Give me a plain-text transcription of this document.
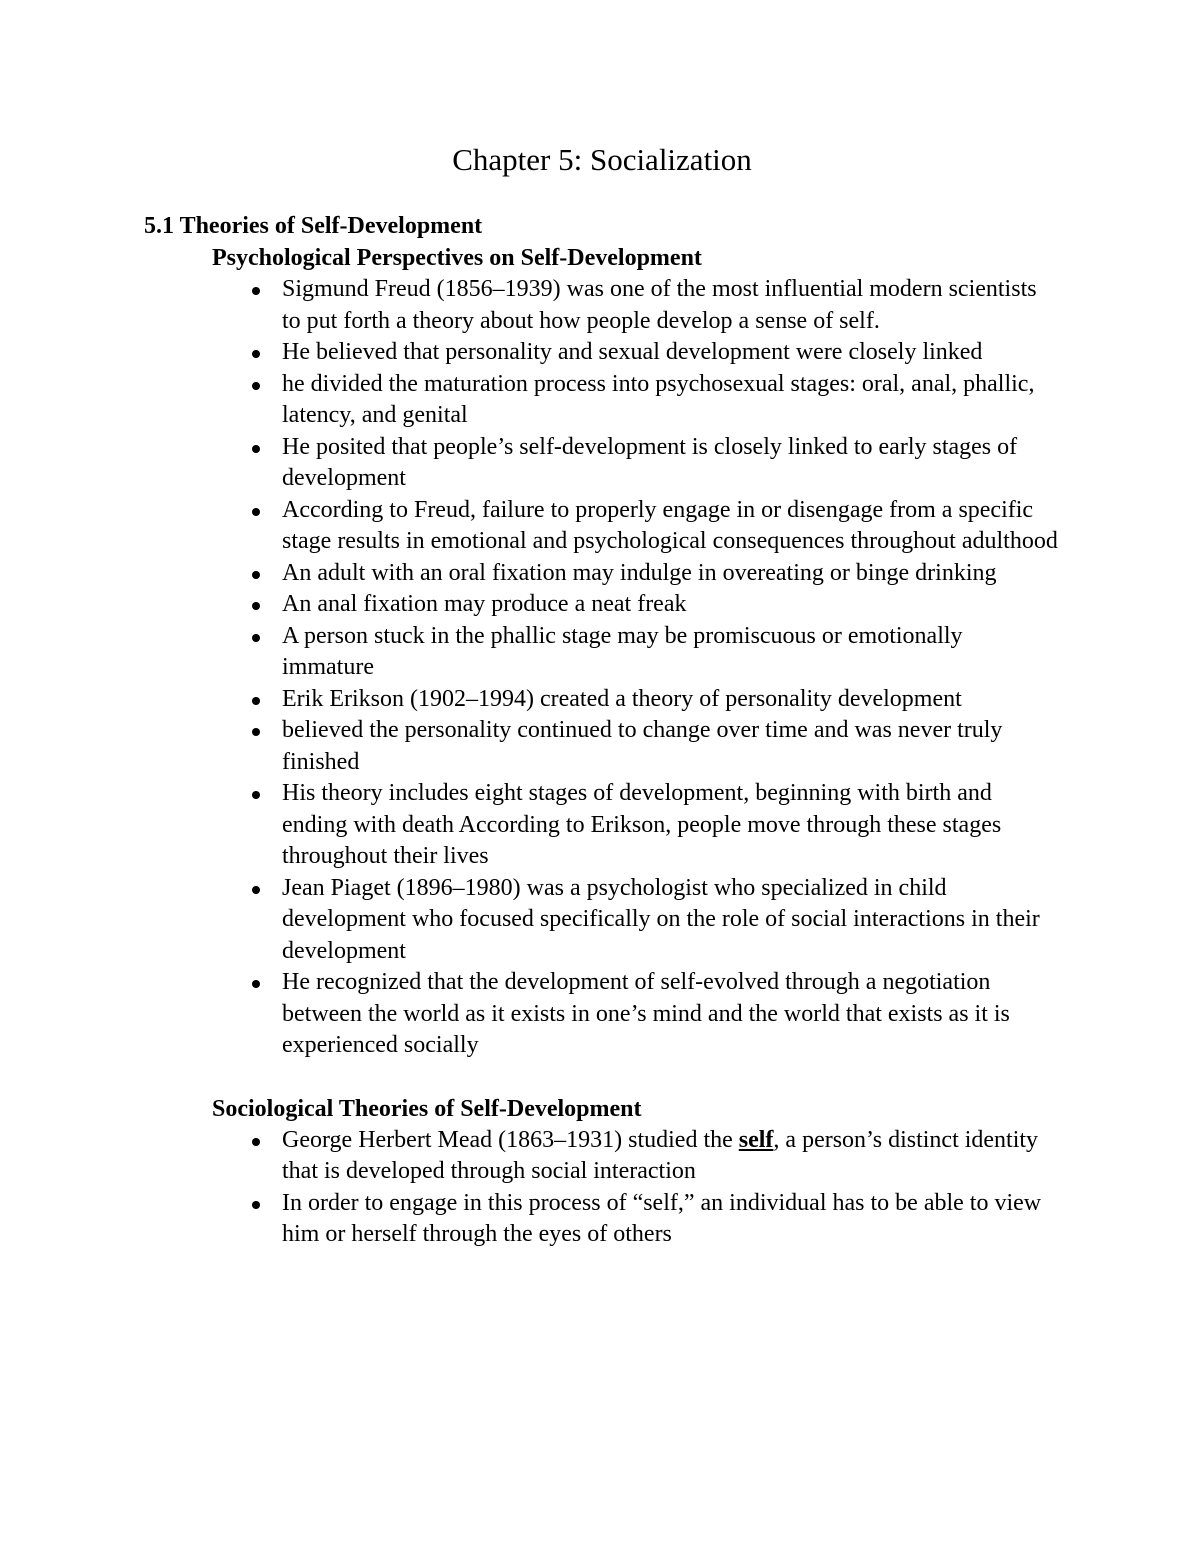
Chapter 5: Socialization
5.1 Theories of Self-Development
Psychological Perspectives on Self-Development
Sigmund Freud (1856–1939) was one of the most influential modern scientists to put forth a theory about how people develop a sense of self.
He believed that personality and sexual development were closely linked
he divided the maturation process into psychosexual stages: oral, anal, phallic, latency, and genital
He posited that people’s self-development is closely linked to early stages of development
According to Freud, failure to properly engage in or disengage from a specific stage results in emotional and psychological consequences throughout adulthood
An adult with an oral fixation may indulge in overeating or binge drinking
An anal fixation may produce a neat freak
A person stuck in the phallic stage may be promiscuous or emotionally immature
Erik Erikson (1902–1994) created a theory of personality development
believed the personality continued to change over time and was never truly finished
His theory includes eight stages of development, beginning with birth and ending with death According to Erikson, people move through these stages throughout their lives
Jean Piaget (1896–1980) was a psychologist who specialized in child development who focused specifically on the role of social interactions in their development
He recognized that the development of self-evolved through a negotiation between the world as it exists in one’s mind and the world that exists as it is experienced socially
Sociological Theories of Self-Development
George Herbert Mead (1863–1931) studied the self, a person’s distinct identity that is developed through social interaction
In order to engage in this process of “self,” an individual has to be able to view him or herself through the eyes of others
